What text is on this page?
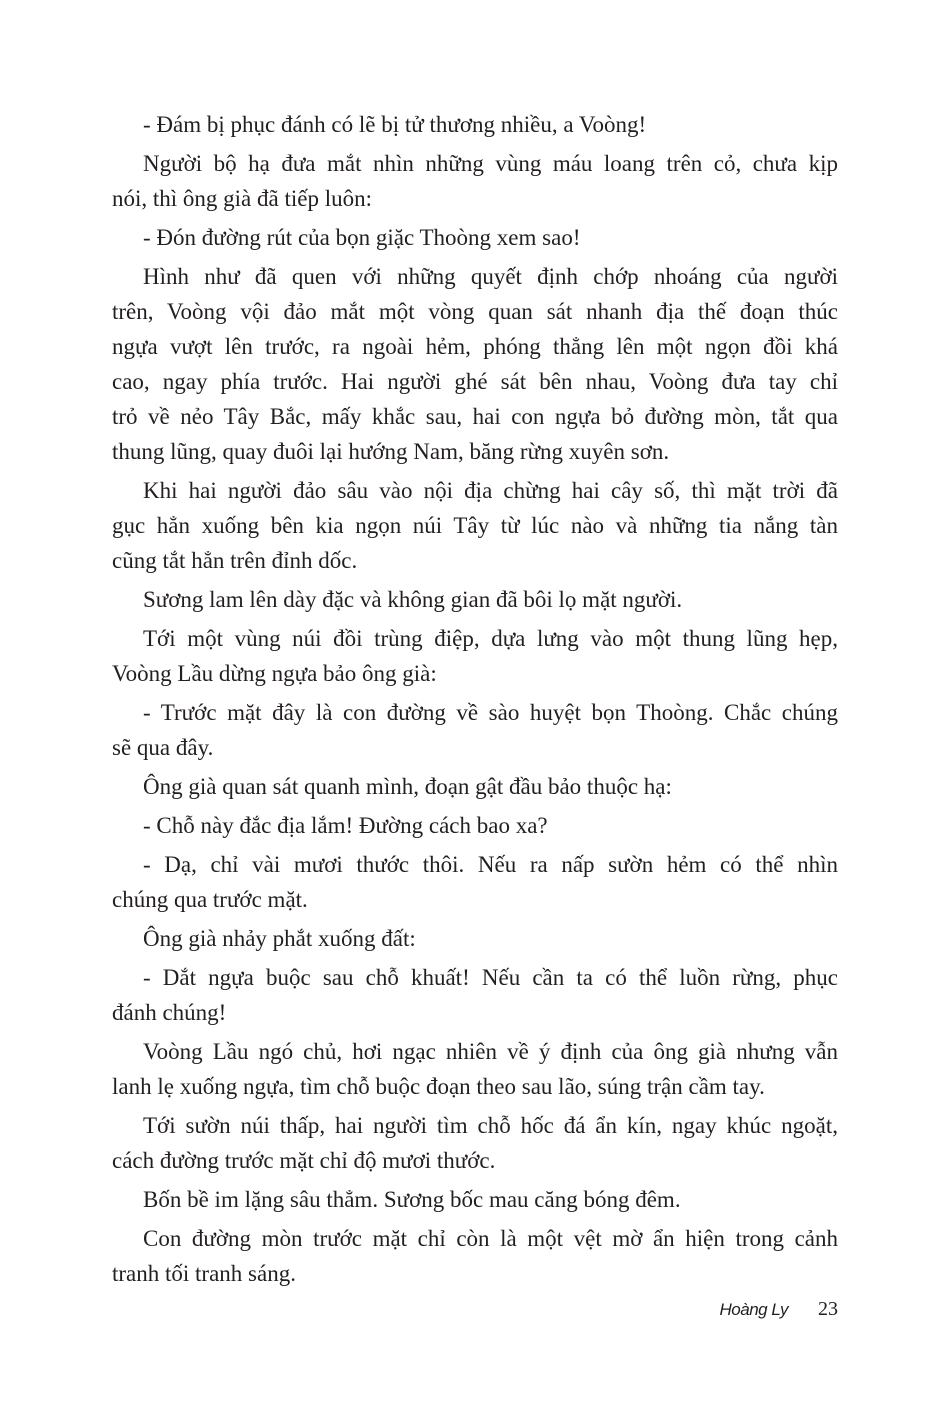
- Đám bị phục đánh có lẽ bị tử thương nhiều, a Voòng!
Người bộ hạ đưa mắt nhìn những vùng máu loang trên cỏ, chưa kịp
nói, thì ông già đã tiếp luôn:
- Đón đường rút của bọn giặc Thoòng xem sao!
Hình như đã quen với những quyết định chớp nhoáng của người
trên, Voòng vội đảo mắt một vòng quan sát nhanh địa thế đoạn thúc
ngựa vượt lên trước, ra ngoài hẻm, phóng thẳng lên một ngọn đồi khá
cao, ngay phía trước. Hai người ghé sát bên nhau, Voòng đưa tay chỉ
trỏ về nẻo Tây Bắc, mấy khắc sau, hai con ngựa bỏ đường mòn, tắt qua
thung lũng, quay đuôi lại hướng Nam, băng rừng xuyên sơn.
Khi hai người đảo sâu vào nội địa chừng hai cây số, thì mặt trời đã
gục hẳn xuống bên kia ngọn núi Tây từ lúc nào và những tia nắng tàn
cũng tắt hẳn trên đỉnh dốc.
Sương lam lên dày đặc và không gian đã bôi lọ mặt người.
Tới một vùng núi đồi trùng điệp, dựa lưng vào một thung lũng hẹp,
Voòng Lầu dừng ngựa bảo ông già:
- Trước mặt đây là con đường về sào huyệt bọn Thoòng. Chắc chúng
sẽ qua đây.
Ông già quan sát quanh mình, đoạn gật đầu bảo thuộc hạ:
- Chỗ này đắc địa lắm! Đường cách bao xa?
- Dạ, chỉ vài mươi thước thôi. Nếu ra nấp sườn hẻm có thể nhìn
chúng qua trước mặt.
Ông già nhảy phắt xuống đất:
- Dắt ngựa buộc sau chỗ khuất! Nếu cần ta có thể luồn rừng, phục
đánh chúng!
Voòng Lầu ngó chủ, hơi ngạc nhiên về ý định của ông già nhưng vẫn
lanh lẹ xuống ngựa, tìm chỗ buộc đoạn theo sau lão, súng trận cầm tay.
Tới sườn núi thấp, hai người tìm chỗ hốc đá ẩn kín, ngay khúc ngoặt,
cách đường trước mặt chỉ độ mươi thước.
Bốn bề im lặng sâu thẳm. Sương bốc mau căng bóng đêm.
Con đường mòn trước mặt chỉ còn là một vệt mờ ẩn hiện trong cảnh
tranh tối tranh sáng.
Hoàng Ly 23
